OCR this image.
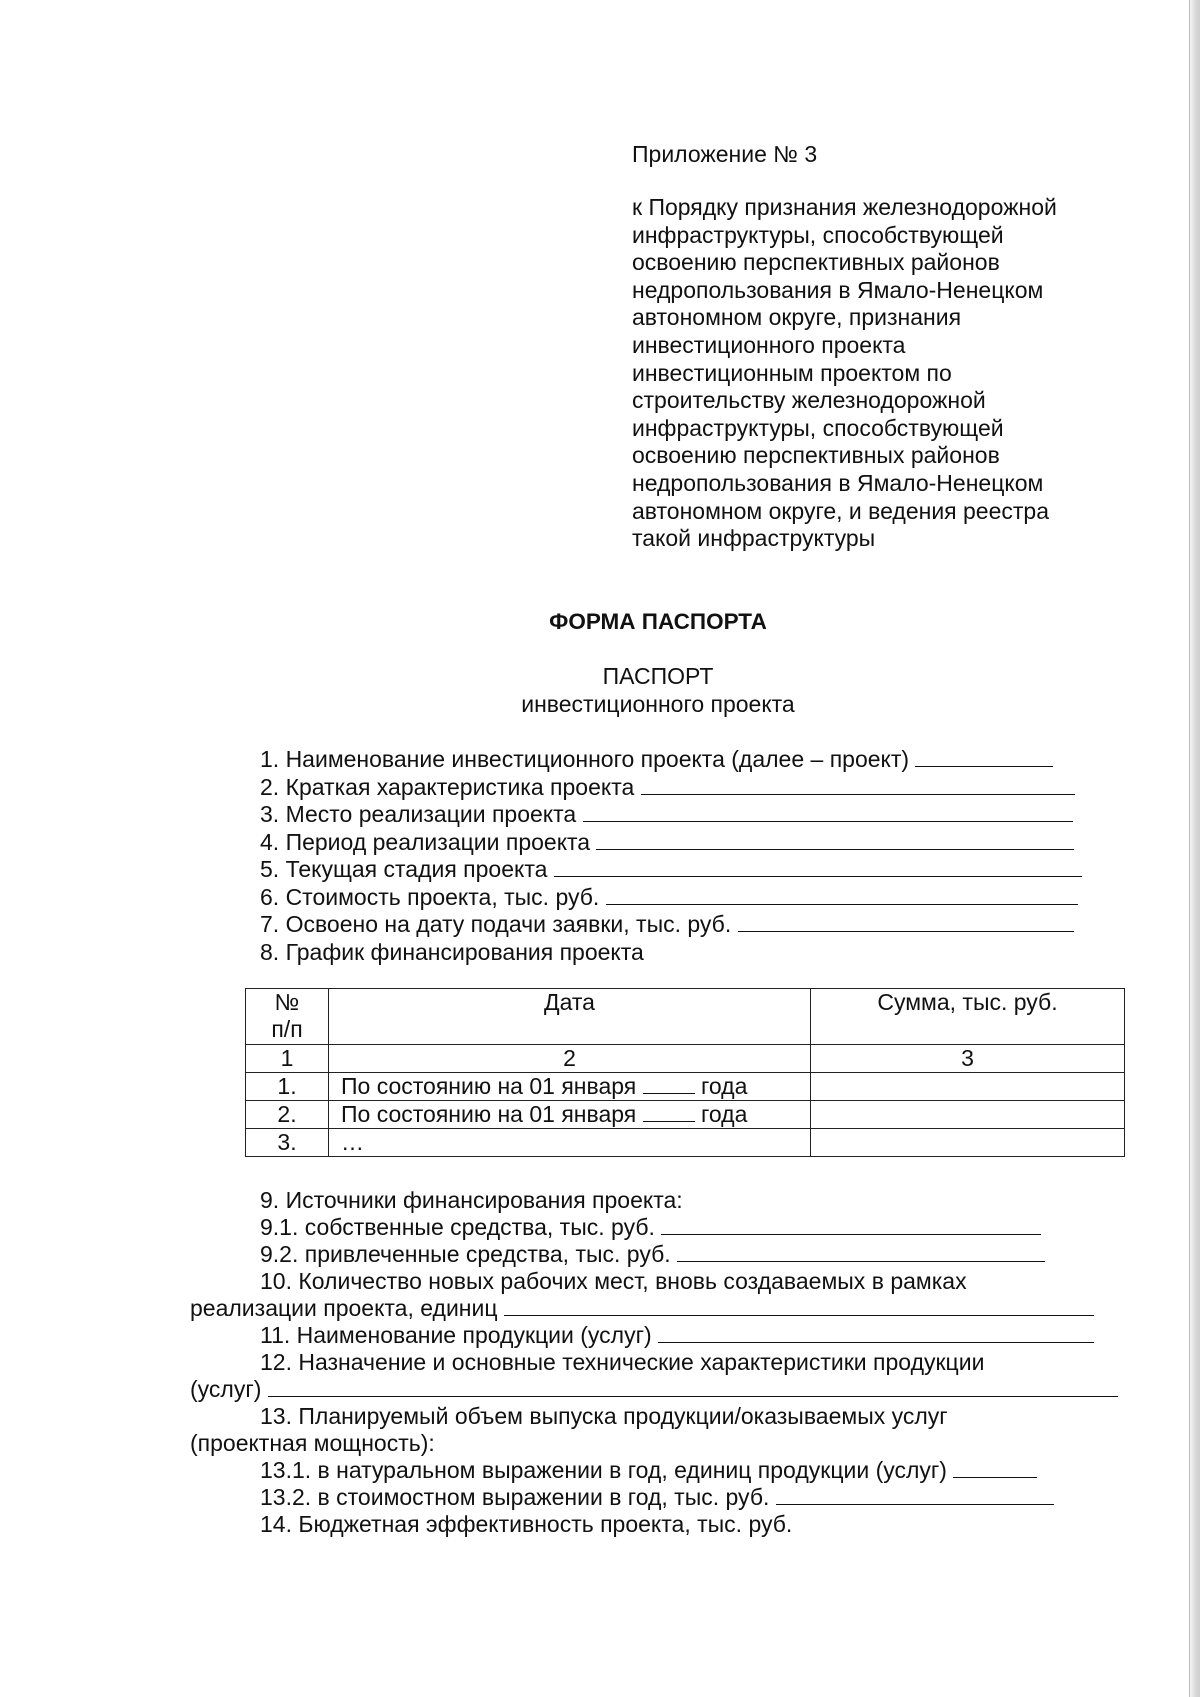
Приложение № 3
к Порядку признания железнодорожной
инфраструктуры, способствующей
освоению перспективных районов
недропользования в Ямало-Ненецком
автономном округе, признания
инвестиционного проекта
инвестиционным проектом по
строительству железнодорожной
инфраструктуры, способствующей
освоению перспективных районов
недропользования в Ямало-Ненецком
автономном округе, и ведения реестра
такой инфраструктуры
ФОРМА ПАСПОРТА
ПАСПОРТ
инвестиционного проекта
1. Наименование инвестиционного проекта (далее – проект)
2. Краткая характеристика проекта
3. Место реализации проекта
4. Период реализации проекта
5. Текущая стадия проекта
6. Стоимость проекта, тыс. руб.
7. Освоено на дату подачи заявки, тыс. руб.
8. График финансирования проекта
№
п/п	Дата	Сумма, тыс. руб.
1	2	3
1.	По состоянию на 01 января года	
2.	По состоянию на 01 января года	
3.	…	
9. Источники финансирования проекта:
9.1. собственные средства, тыс. руб.
9.2. привлеченные средства, тыс. руб.
10. Количество новых рабочих мест, вновь создаваемых в рамках
реализации проекта, единиц
11. Наименование продукции (услуг)
12. Назначение и основные технические характеристики продукции
(услуг)
13. Планируемый объем выпуска продукции/оказываемых услуг
(проектная мощность):
13.1. в натуральном выражении в год, единиц продукции (услуг)
13.2. в стоимостном выражении в год, тыс. руб.
14. Бюджетная эффективность проекта, тыс. руб.
